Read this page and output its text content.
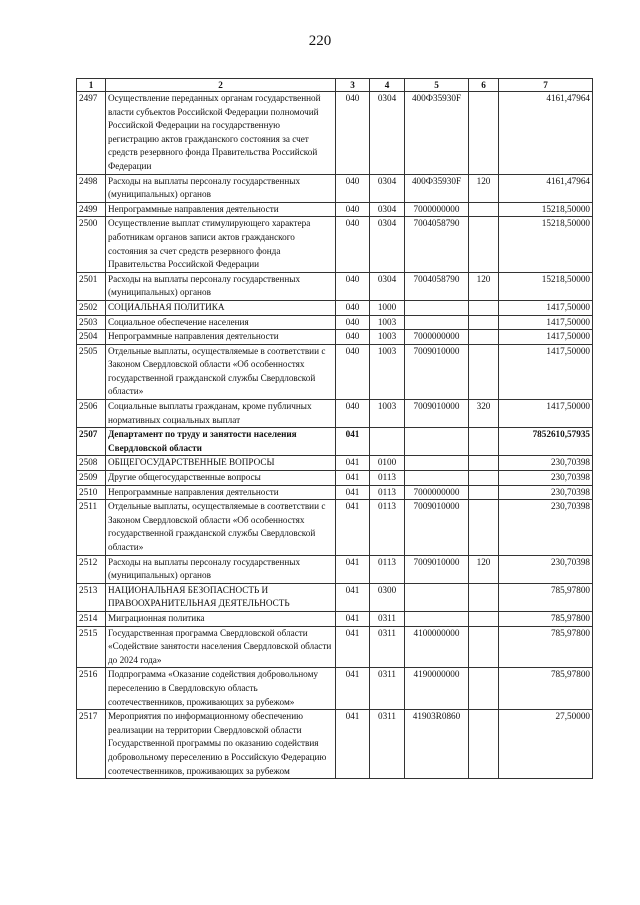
220
1	2	3	4	5	6	7
2497	Осуществление переданных органам государственной власти субъектов Российской Федерации полномочий Российской Федерации на государственную регистрацию актов гражданского состояния за счет средств резервного фонда Правительства Российской Федерации	040	0304	400Ф35930F		4161,47964
2498	Расходы на выплаты персоналу государственных (муниципальных) органов	040	0304	400Ф35930F	120	4161,47964
2499	Непрограммные направления деятельности	040	0304	7000000000		15218,50000
2500	Осуществление выплат стимулирующего характера работникам органов записи актов гражданского состояния за счет средств резервного фонда Правительства Российской Федерации	040	0304	7004058790		15218,50000
2501	Расходы на выплаты персоналу государственных (муниципальных) органов	040	0304	7004058790	120	15218,50000
2502	СОЦИАЛЬНАЯ ПОЛИТИКА	040	1000			1417,50000
2503	Социальное обеспечение населения	040	1003			1417,50000
2504	Непрограммные направления деятельности	040	1003	7000000000		1417,50000
2505	Отдельные выплаты, осуществляемые в соответствии с Законом Свердловской области «Об особенностях государственной гражданской службы Свердловской области»	040	1003	7009010000		1417,50000
2506	Социальные выплаты гражданам, кроме публичных нормативных социальных выплат	040	1003	7009010000	320	1417,50000
2507	Департамент по труду и занятости населения Свердловской области	041				7852610,57935
2508	ОБЩЕГОСУДАРСТВЕННЫЕ ВОПРОСЫ	041	0100			230,70398
2509	Другие общегосударственные вопросы	041	0113			230,70398
2510	Непрограммные направления деятельности	041	0113	7000000000		230,70398
2511	Отдельные выплаты, осуществляемые в соответствии с Законом Свердловской области «Об особенностях государственной гражданской службы Свердловской области»	041	0113	7009010000		230,70398
2512	Расходы на выплаты персоналу государственных (муниципальных) органов	041	0113	7009010000	120	230,70398
2513	НАЦИОНАЛЬНАЯ БЕЗОПАСНОСТЬ И ПРАВООХРАНИТЕЛЬНАЯ ДЕЯТЕЛЬНОСТЬ	041	0300			785,97800
2514	Миграционная политика	041	0311			785,97800
2515	Государственная программа Свердловской области «Содействие занятости населения Свердловской области до 2024 года»	041	0311	4100000000		785,97800
2516	Подпрограмма «Оказание содействия добровольному переселению в Свердловскую область соотечественников, проживающих за рубежом»	041	0311	4190000000		785,97800
2517	Мероприятия по информационному обеспечению реализации на территории Свердловской области Государственной программы по оказанию содействия добровольному переселению в Российскую Федерацию соотечественников, проживающих за рубежом	041	0311	41903R0860		27,50000
